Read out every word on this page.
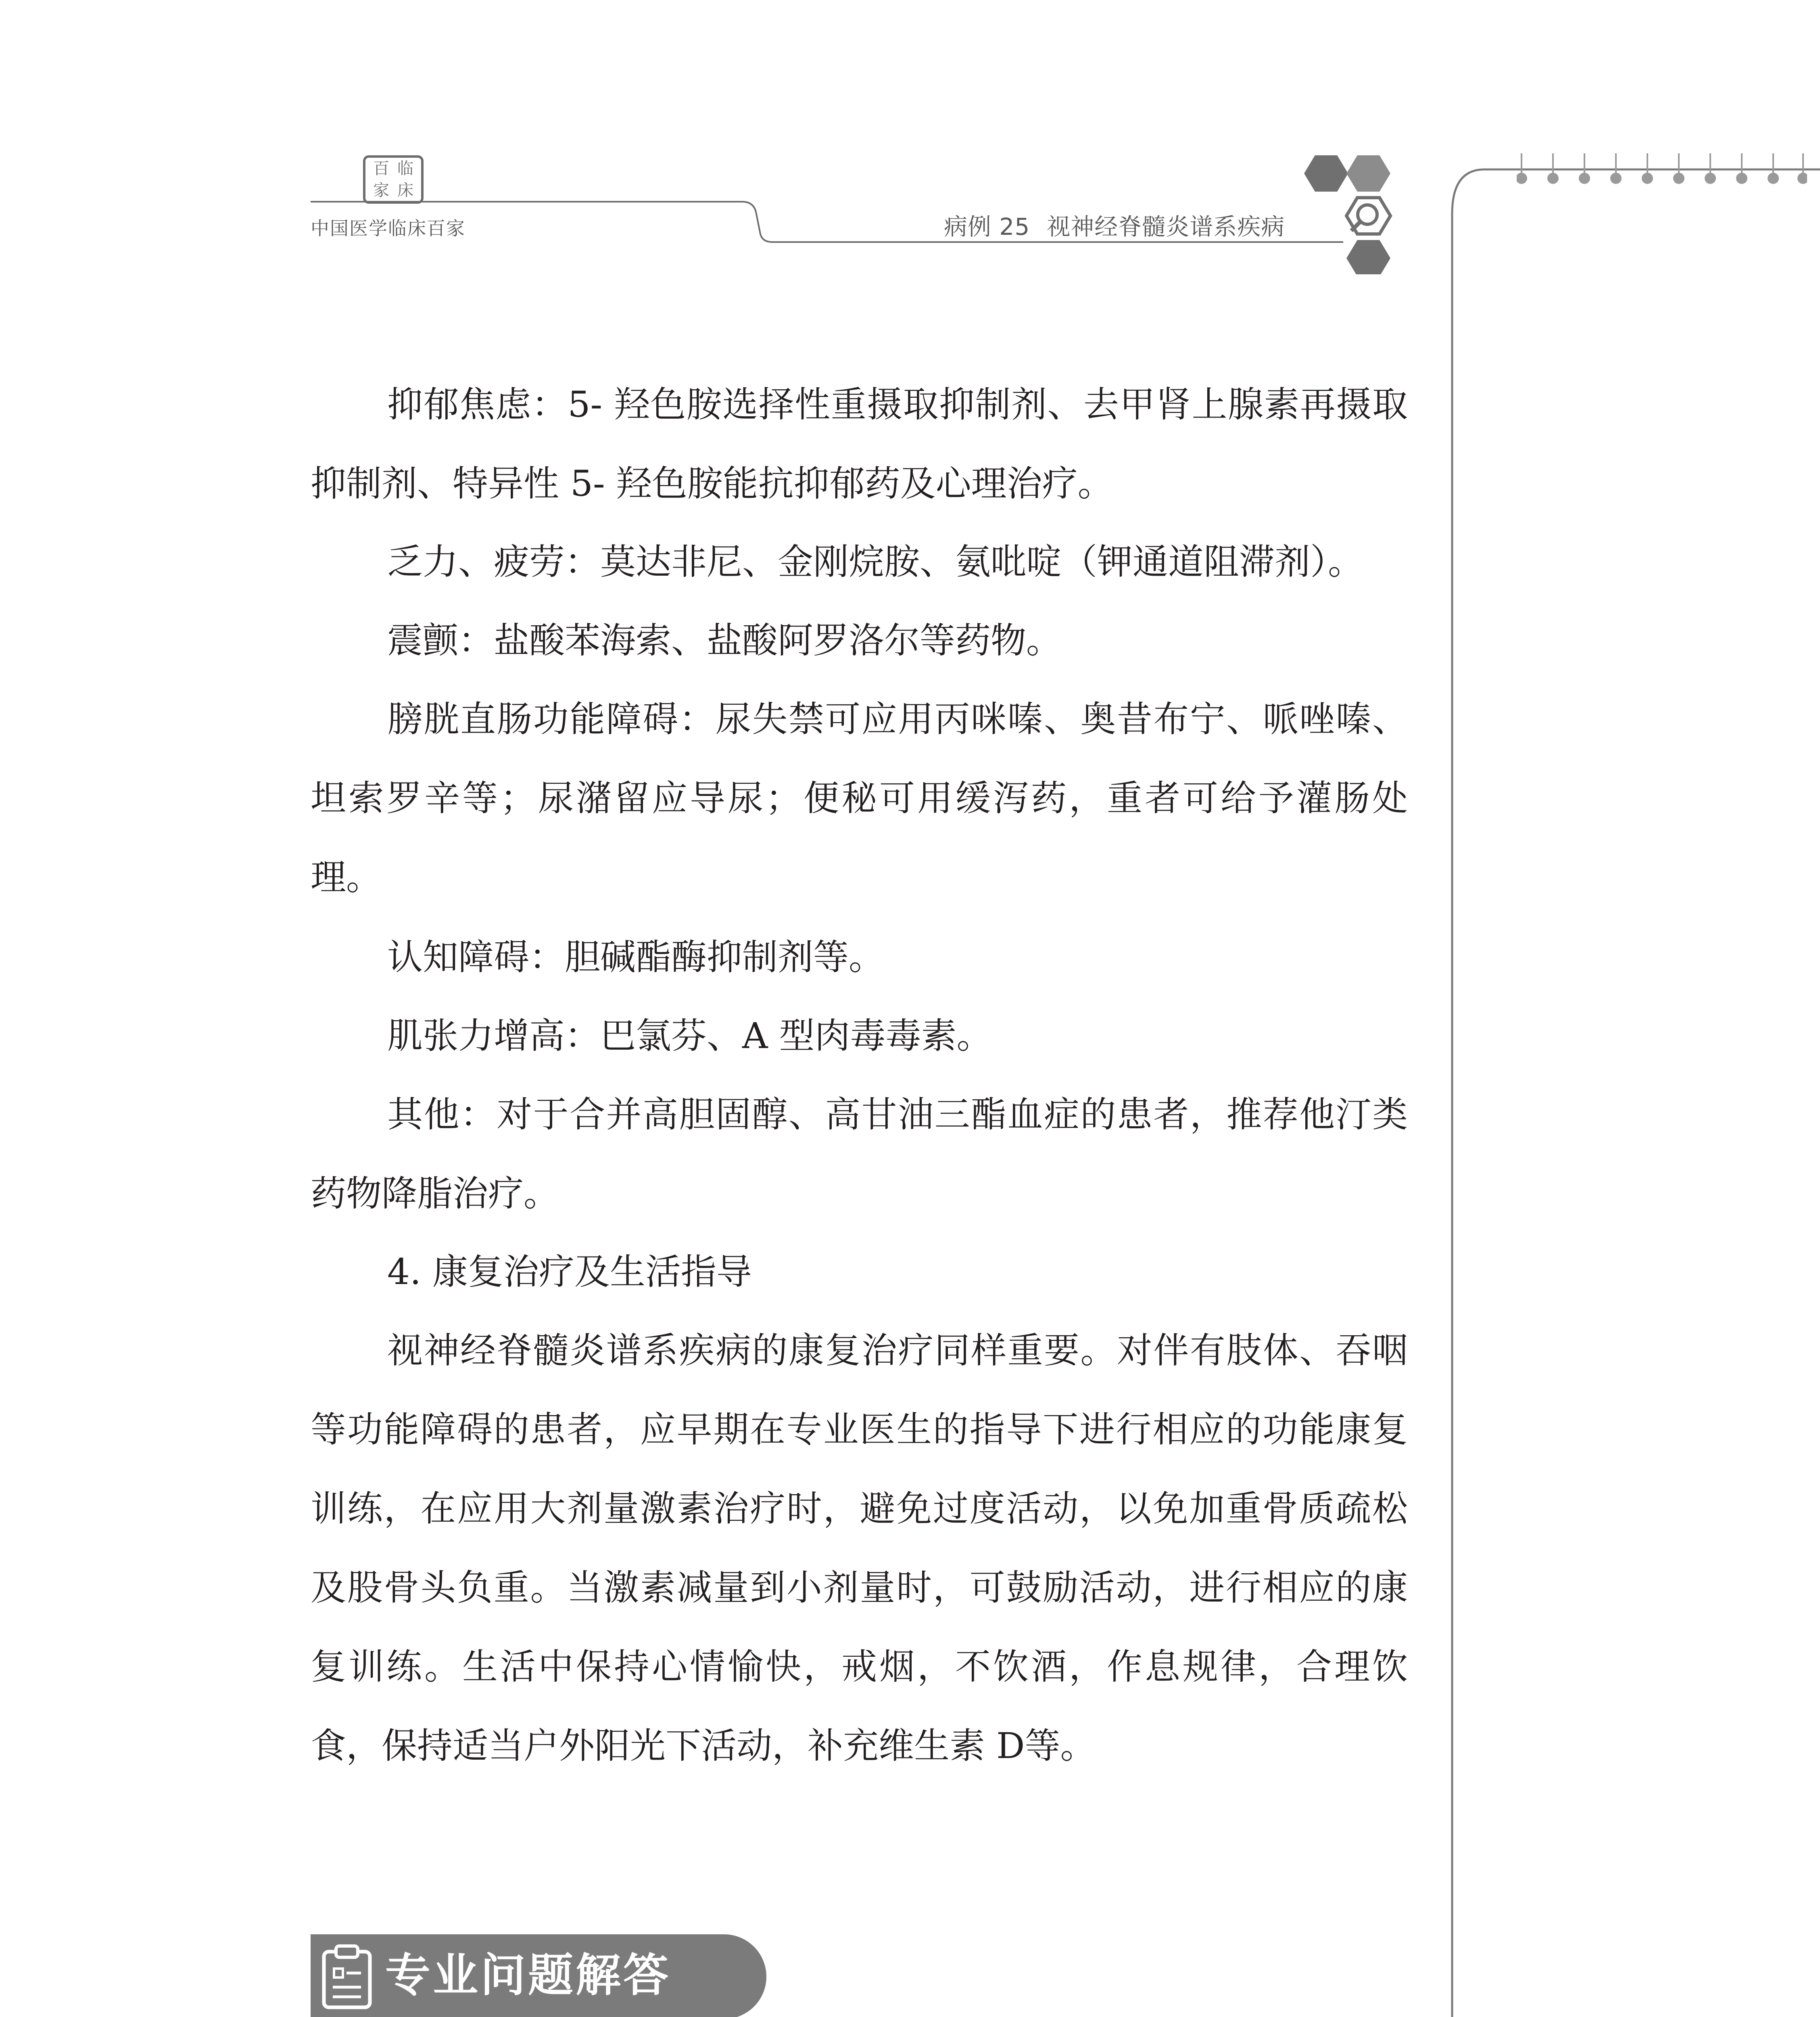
百 临
家 床
中国医学临床百家	病例 25 视神经脊髓炎谱系疾病

抑郁焦虑：5- 羟色胺选择性重摄取抑制剂、去甲肾上腺素再摄取抑制剂、特异性 5- 羟色胺能抗抑郁药及心理治疗。

乏力、疲劳：莫达非尼、金刚烷胺、氨吡啶（钾通道阻滞剂）。

震颤：盐酸苯海索、盐酸阿罗洛尔等药物。

膀胱直肠功能障碍：尿失禁可应用丙咪嗪、奥昔布宁、哌唑嗪、坦索罗辛等；尿潴留应导尿；便秘可用缓泻药，重者可给予灌肠处理。

认知障碍：胆碱酯酶抑制剂等。

肌张力增高：巴氯芬、A 型肉毒毒素。

其他：对于合并高胆固醇、高甘油三酯血症的患者，推荐他汀类药物降脂治疗。

4. 康复治疗及生活指导

视神经脊髓炎谱系疾病的康复治疗同样重要。对伴有肢体、吞咽等功能障碍的患者，应早期在专业医生的指导下进行相应的功能康复训练，在应用大剂量激素治疗时，避免过度活动，以免加重骨质疏松及股骨头负重。当激素减量到小剂量时，可鼓励活动，进行相应的康复训练。生活中保持心情愉快，戒烟，不饮酒，作息规律，合理饮食，保持适当户外阳光下活动，补充维生素 D等。

专业问题解答
